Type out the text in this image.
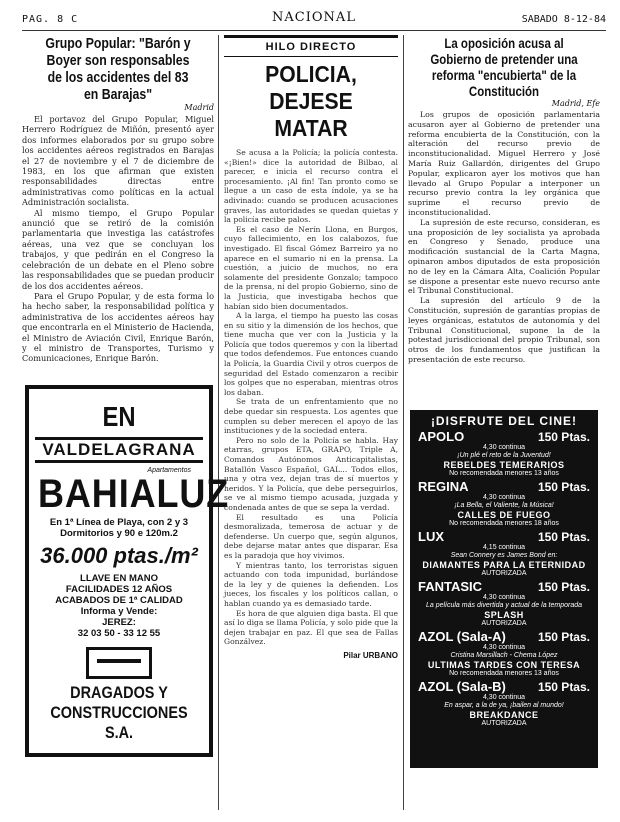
PAG. 8 C	NACIONAL	SABADO 8-12-84
Grupo Popular: "Barón y Boyer son responsables de los accidentes del 83 en Barajas"
Madrid

El portavoz del Grupo Popular, Miguel Herrero Rodríguez de Miñón, presentó ayer dos informes elaborados por su grupo sobre los accidentes aéreos registrados en Barajas el 27 de noviembre y el 7 de diciembre de 1983, en los que afirman que existen responsabilidades directas entre administrativas como políticas en la actual Administración socialista.

Al mismo tiempo, el Grupo Popular anunció que se retiró de la comisión parlamentaria que investiga las catástrofes aéreas, una vez que se concluyan los trabajos, y que pedirán en el Congreso la celebración de un debate en el Pleno sobre las responsabilidades que se puedan producir de los dos accidentes aéreos.

Para el Grupo Popular, y de esta forma lo ha hecho saber, la responsabilidad política y administrativa de los accidentes aéreos hay que encontrarla en el Ministerio de Hacienda, el Ministro de Aviación Civil, Enrique Barón, y el ministro de Transportes, Turismo y Comunicaciones, Enrique Barón.

EN
VALDELAGRANA
Apartamentos
BAHIALUZ
En 1ª Línea de Playa, con 2 y 3
Dormitorios y 90 e 120m.2
36.000 ptas./m²
LLAVE EN MANO
FACILIDADES 12 AÑOS
ACABADOS DE 1ª CALIDAD
Informa y Vende:
JEREZ:
32 03 50 - 33 12 55
DRAGADOS Y
CONSTRUCCIONES S.A.
HILO DIRECTO
POLICIA, DEJESE MATAR

Se acusa a la Policía; la policía contesta. «¡Bien!» dice la autoridad de Bilbao, al parecer, e inicia el recurso contra el procesamiento. ¡Al fin! Tan pronto como se llegue a un caso de esta índole, ya se ha adivinado: cuando se producen acusaciones graves, las autoridades se quedan quietas y la policía recibe palos.

Es el caso de Nerín Llona, en Burgos, cuyo fallecimiento, en los calabozos, fue investigado. El fiscal Gómez Barreiro ya no aparece en el sumario ni en la prensa. La cuestión, a juicio de muchos, no era solamente del presidente Gonzalo; tampoco de la prensa, ni del propio Gobierno, sino de la Justicia, que investigaba hechos que habían sido bien documentados.

A la larga, el tiempo ha puesto las cosas en su sitio y la dimensión de los hechos, que tiene mucha que ver con la Justicia y la Policía que todos queremos y con la libertad que todos defendemos. Fue entonces cuando la Policía, la Guardia Civil y otros cuerpos de seguridad del Estado comenzaron a recibir los golpes que no esperaban, mientras otros los daban.

Se trata de un enfrentamiento que no debe quedar sin respuesta. Los agentes que cumplen su deber merecen el apoyo de las instituciones y de la sociedad entera.

Pero no solo de la Policía se habla. Hay etarras, grupos ETA, GRAPO, Triple A, Comandos Autónomos Anticapitalistas, Batallón Vasco Español, GAL... Todos ellos, una y otra vez, dejan tras de sí muertos y heridos. Y la Policía, que debe perseguirlos, se ve al mismo tiempo acusada, juzgada y condenada antes de que se sepa la verdad.

El resultado es una Policía desmoralizada, temerosa de actuar y de defenderse. Un cuerpo que, según algunos, debe dejarse matar antes que disparar. Esa es la paradoja que hoy vivimos.

Y mientras tanto, los terroristas siguen actuando con toda impunidad, burlándose de la ley y de quienes la defienden. Los jueces, los fiscales y los políticos callan, o hablan cuando ya es demasiado tarde.

Es hora de que alguien diga basta. El que así lo diga se llama Policía, y solo pide que la dejen trabajar en paz. El que sea de Fallas Gonzálvez.

Pilar URBANO
La oposición acusa al Gobierno de pretender una reforma "encubierta" de la Constitución
Madrid, Efe

Los grupos de oposición parlamentaria acusaron ayer al Gobierno de pretender una reforma encubierta de la Constitución, con la alteración del recurso previo de inconstitucionalidad. Miguel Herrero y José María Ruiz Gallardón, dirigentes del Grupo Popular, explicaron ayer los motivos que han llevado al Grupo Popular a interponer un recurso previo contra la ley orgánica que suprime el recurso previo de inconstitucionalidad.

La supresión de este recurso, consideran, es una proposición de ley socialista ya aprobada en Congreso y Senado, produce una modificación sustancial de la Carta Magna, opinaron ambos diputados de esta proposición no de ley en la Cámara Alta, Coalición Popular se dispone a presentar este nuevo recurso ante el Tribunal Constitucional.

La supresión del artículo 9 de la Constitución, supresión de garantías propias de leyes orgánicas, estatutos de autonomía y del Tribunal Constitucional, supone la de la potestad jurisdiccional del propio Tribunal, son otros de los fundamentos que justifican la presentación de este recurso.

¡DISFRUTE DEL CINE!
APOLO	150 Ptas.
4,30 continua
¡Un plé el reto de la Juventud!
REBELDES TEMERARIOS
No recomendada menores 13 años
REGINA	150 Ptas.
4,30 continua
¡La Bella, el Valiente, la Música!
CALLES DE FUEGO
No recomendada menores 18 años
LUX	150 Ptas.
4,15 continua
Sean Connery es James Bond en:
DIAMANTES PARA LA ETERNIDAD
AUTORIZADA
FANTASIC	150 Ptas.
4,30 continua
La película más divertida y actual de la temporada
SPLASH
AUTORIZADA
AZOL (Sala-A)	150 Ptas.
4,30 continua
Cristina Marsillach - Chema López
ULTIMAS TARDES CON TERESA
No recomendada menores 13 años
AZOL (Sala-B)	150 Ptas.
4,30 continua
En aspar, a la de ya, ¡bailen al mundo!
BREAKDANCE
AUTORIZADA
